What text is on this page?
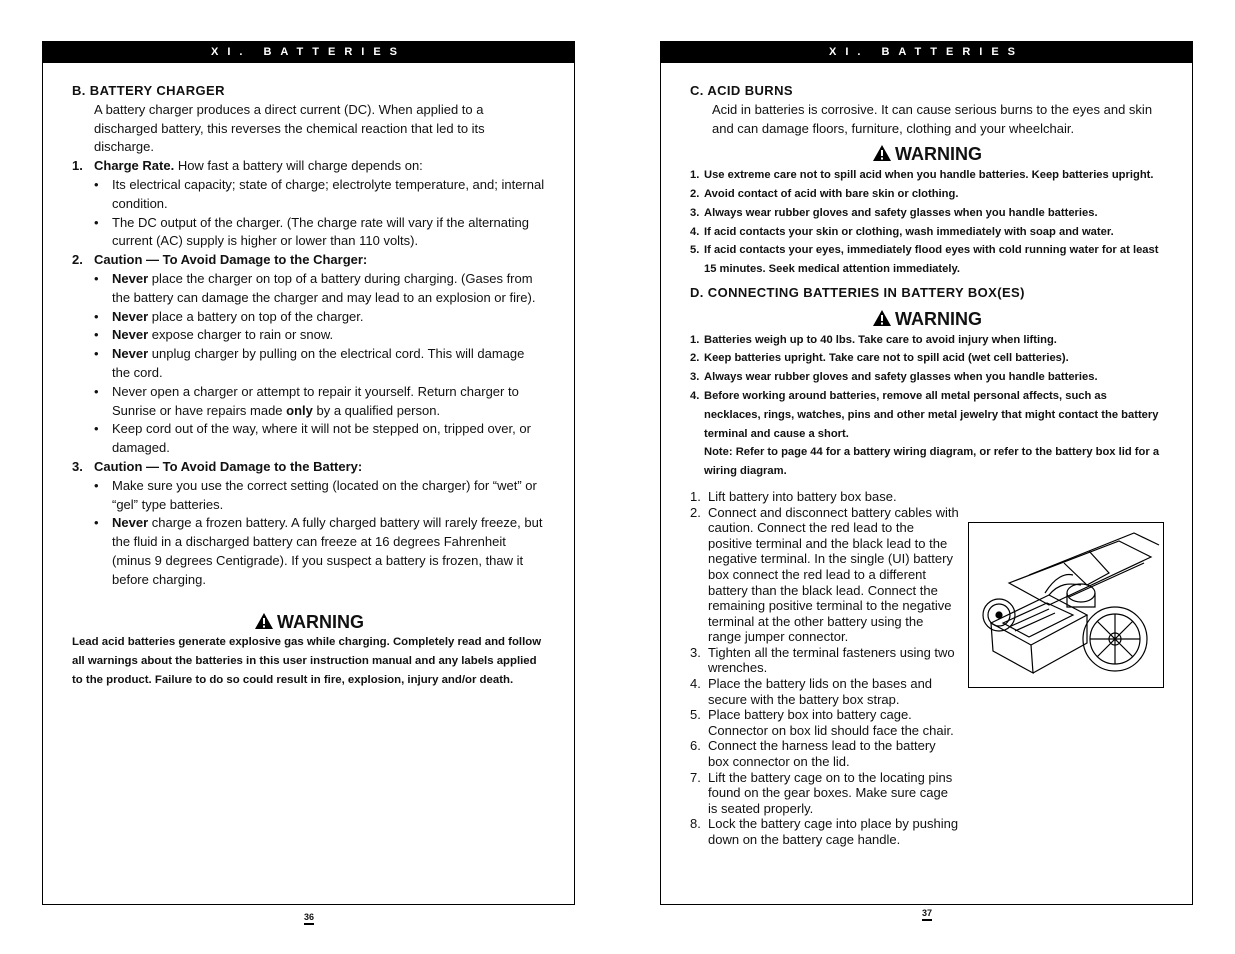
XI. BATTERIES
B. BATTERY CHARGER
A battery charger produces a direct current (DC). When applied to a discharged battery, this reverses the chemical reaction that led to its discharge.
1. Charge Rate. How fast a battery will charge depends on:
• Its electrical capacity; state of charge; electrolyte temperature, and; internal condition.
• The DC output of the charger. (The charge rate will vary if the alternating current (AC) supply is higher or lower than 110 volts).
2. Caution — To Avoid Damage to the Charger:
• Never place the charger on top of a battery during charging. (Gases from the battery can damage the charger and may lead to an explosion or fire).
• Never place a battery on top of the charger.
• Never expose charger to rain or snow.
• Never unplug charger by pulling on the electrical cord. This will damage the cord.
• Never open a charger or attempt to repair it yourself. Return charger to Sunrise or have repairs made only by a qualified person.
• Keep cord out of the way, where it will not be stepped on, tripped over, or damaged.
3. Caution — To Avoid Damage to the Battery:
• Make sure you use the correct setting (located on the charger) for “wet” or “gel” type batteries.
• Never charge a frozen battery. A fully charged battery will rarely freeze, but the fluid in a discharged battery can freeze at 16 degrees Fahrenheit (minus 9 degrees Centigrade). If you suspect a battery is frozen, thaw it before charging.
WARNING
Lead acid batteries generate explosive gas while charging. Completely read and follow all warnings about the batteries in this user instruction manual and any labels applied to the product. Failure to do so could result in fire, explosion, injury and/or death.
36
XI. BATTERIES
C. ACID BURNS
Acid in batteries is corrosive. It can cause serious burns to the eyes and skin and can damage floors, furniture, clothing and your wheelchair.
WARNING
1. Use extreme care not to spill acid when you handle batteries. Keep batteries upright.
2. Avoid contact of acid with bare skin or clothing.
3. Always wear rubber gloves and safety glasses when you handle batteries.
4. If acid contacts your skin or clothing, wash immediately with soap and water.
5. If acid contacts your eyes, immediately flood eyes with cold running water for at least 15 minutes. Seek medical attention immediately.
D. CONNECTING BATTERIES IN BATTERY BOX(ES)
WARNING
1. Batteries weigh up to 40 lbs. Take care to avoid injury when lifting.
2. Keep batteries upright. Take care not to spill acid (wet cell batteries).
3. Always wear rubber gloves and safety glasses when you handle batteries.
4. Before working around batteries, remove all metal personal affects, such as necklaces, rings, watches, pins and other metal jewelry that might contact the battery terminal and cause a short.
Note: Refer to page 44 for a battery wiring diagram, or refer to the battery box lid for a wiring diagram.
1. Lift battery into battery box base.
2. Connect and disconnect battery cables with caution. Connect the red lead to the positive terminal and the black lead to the negative terminal. In the single (UI) battery box connect the red lead to a different battery than the black lead. Connect the remaining positive terminal to the negative terminal at the other battery using the range jumper connector.
3. Tighten all the terminal fasteners using two wrenches.
4. Place the battery lids on the bases and secure with the battery box strap.
5. Place battery box into battery cage. Connector on box lid should face the chair.
6. Connect the harness lead to the battery box connector on the lid.
7. Lift the battery cage on to the locating pins found on the gear boxes. Make sure cage is seated properly.
8. Lock the battery cage into place by pushing down on the battery cage handle.
37
